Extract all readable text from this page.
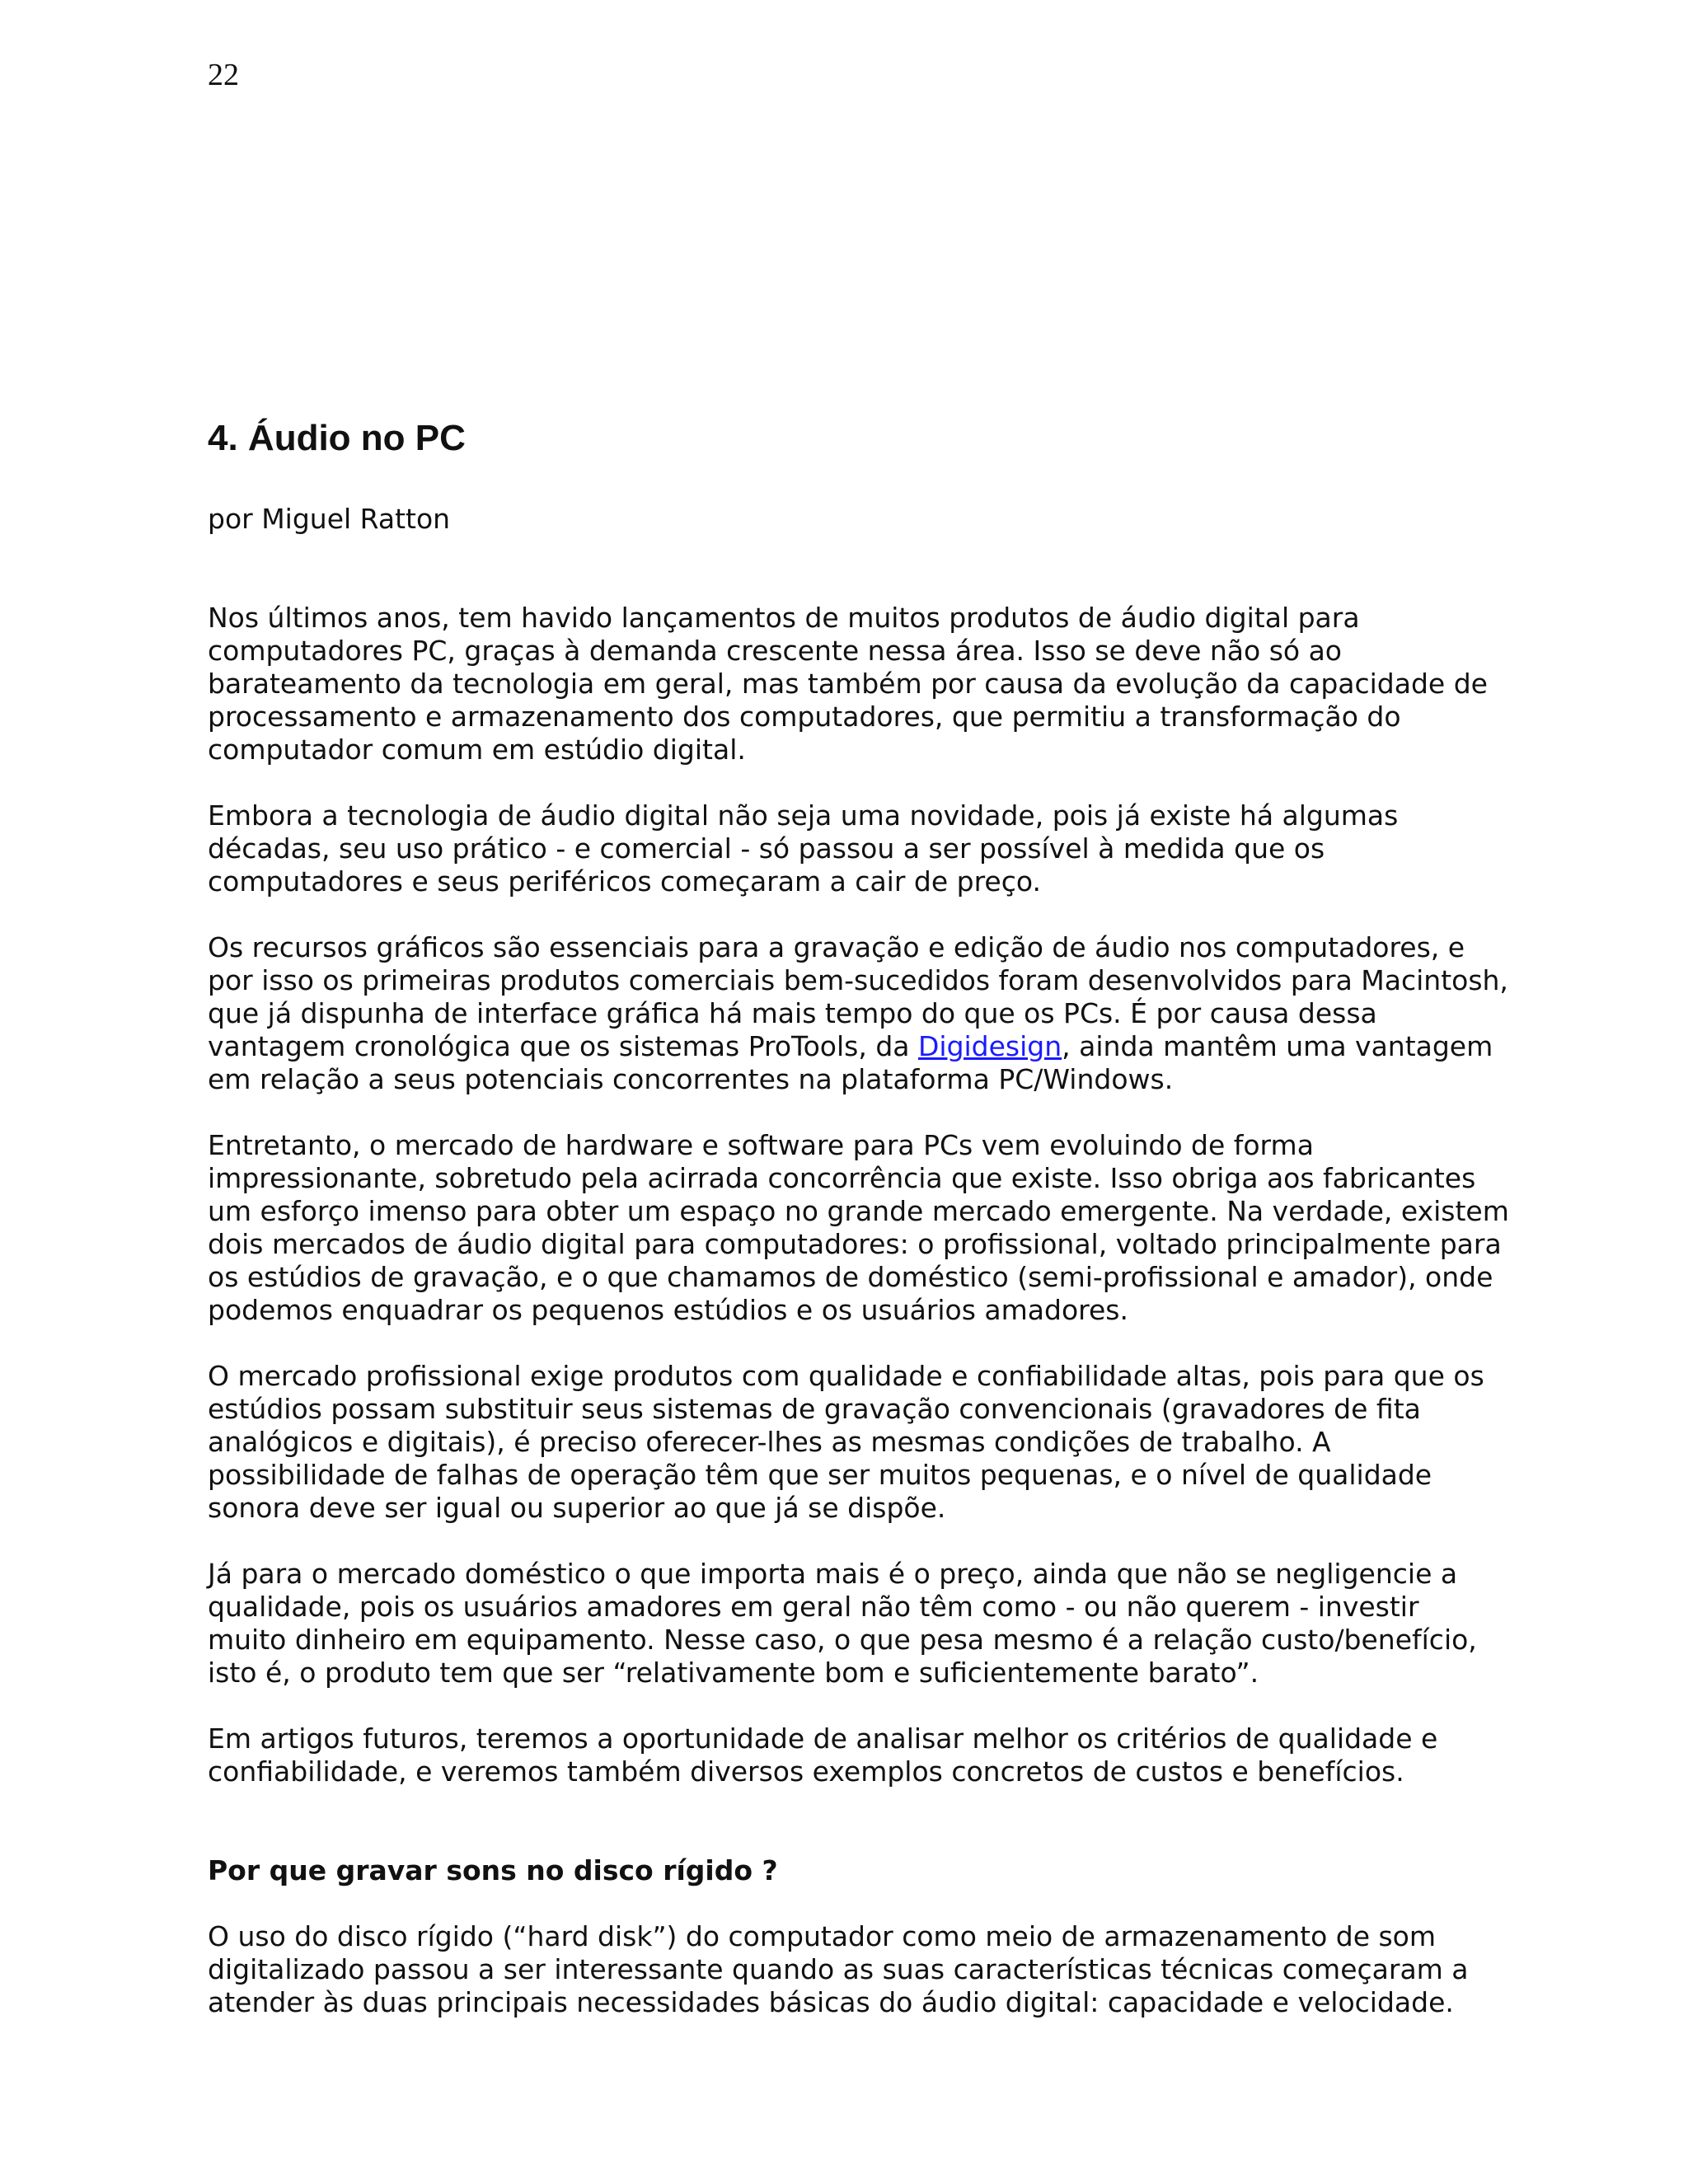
22
4. Áudio no PC

por Miguel Ratton

Nos últimos anos, tem havido lançamentos de muitos produtos de áudio digital para
computadores PC, graças à demanda crescente nessa área. Isso se deve não só ao
barateamento da tecnologia em geral, mas também por causa da evolução da capacidade de
processamento e armazenamento dos computadores, que permitiu a transformação do
computador comum em estúdio digital.

Embora a tecnologia de áudio digital não seja uma novidade, pois já existe há algumas
décadas, seu uso prático - e comercial - só passou a ser possível à medida que os
computadores e seus periféricos começaram a cair de preço.

Os recursos gráficos são essenciais para a gravação e edição de áudio nos computadores, e
por isso os primeiras produtos comerciais bem-sucedidos foram desenvolvidos para Macintosh,
que já dispunha de interface gráfica há mais tempo do que os PCs. É por causa dessa
vantagem cronológica que os sistemas ProTools, da Digidesign, ainda mantêm uma vantagem
em relação a seus potenciais concorrentes na plataforma PC/Windows.

Entretanto, o mercado de hardware e software para PCs vem evoluindo de forma
impressionante, sobretudo pela acirrada concorrência que existe. Isso obriga aos fabricantes
um esforço imenso para obter um espaço no grande mercado emergente. Na verdade, existem
dois mercados de áudio digital para computadores: o profissional, voltado principalmente para
os estúdios de gravação, e o que chamamos de doméstico (semi-profissional e amador), onde
podemos enquadrar os pequenos estúdios e os usuários amadores.

O mercado profissional exige produtos com qualidade e confiabilidade altas, pois para que os
estúdios possam substituir seus sistemas de gravação convencionais (gravadores de fita
analógicos e digitais), é preciso oferecer-lhes as mesmas condições de trabalho. A
possibilidade de falhas de operação têm que ser muitos pequenas, e o nível de qualidade
sonora deve ser igual ou superior ao que já se dispõe.

Já para o mercado doméstico o que importa mais é o preço, ainda que não se negligencie a
qualidade, pois os usuários amadores em geral não têm como - ou não querem - investir
muito dinheiro em equipamento. Nesse caso, o que pesa mesmo é a relação custo/benefício,
isto é, o produto tem que ser “relativamente bom e suficientemente barato”.

Em artigos futuros, teremos a oportunidade de analisar melhor os critérios de qualidade e
confiabilidade, e veremos também diversos exemplos concretos de custos e benefícios.

Por que gravar sons no disco rígido ?

O uso do disco rígido (“hard disk”) do computador como meio de armazenamento de som
digitalizado passou a ser interessante quando as suas características técnicas começaram a
atender às duas principais necessidades básicas do áudio digital: capacidade e velocidade.
